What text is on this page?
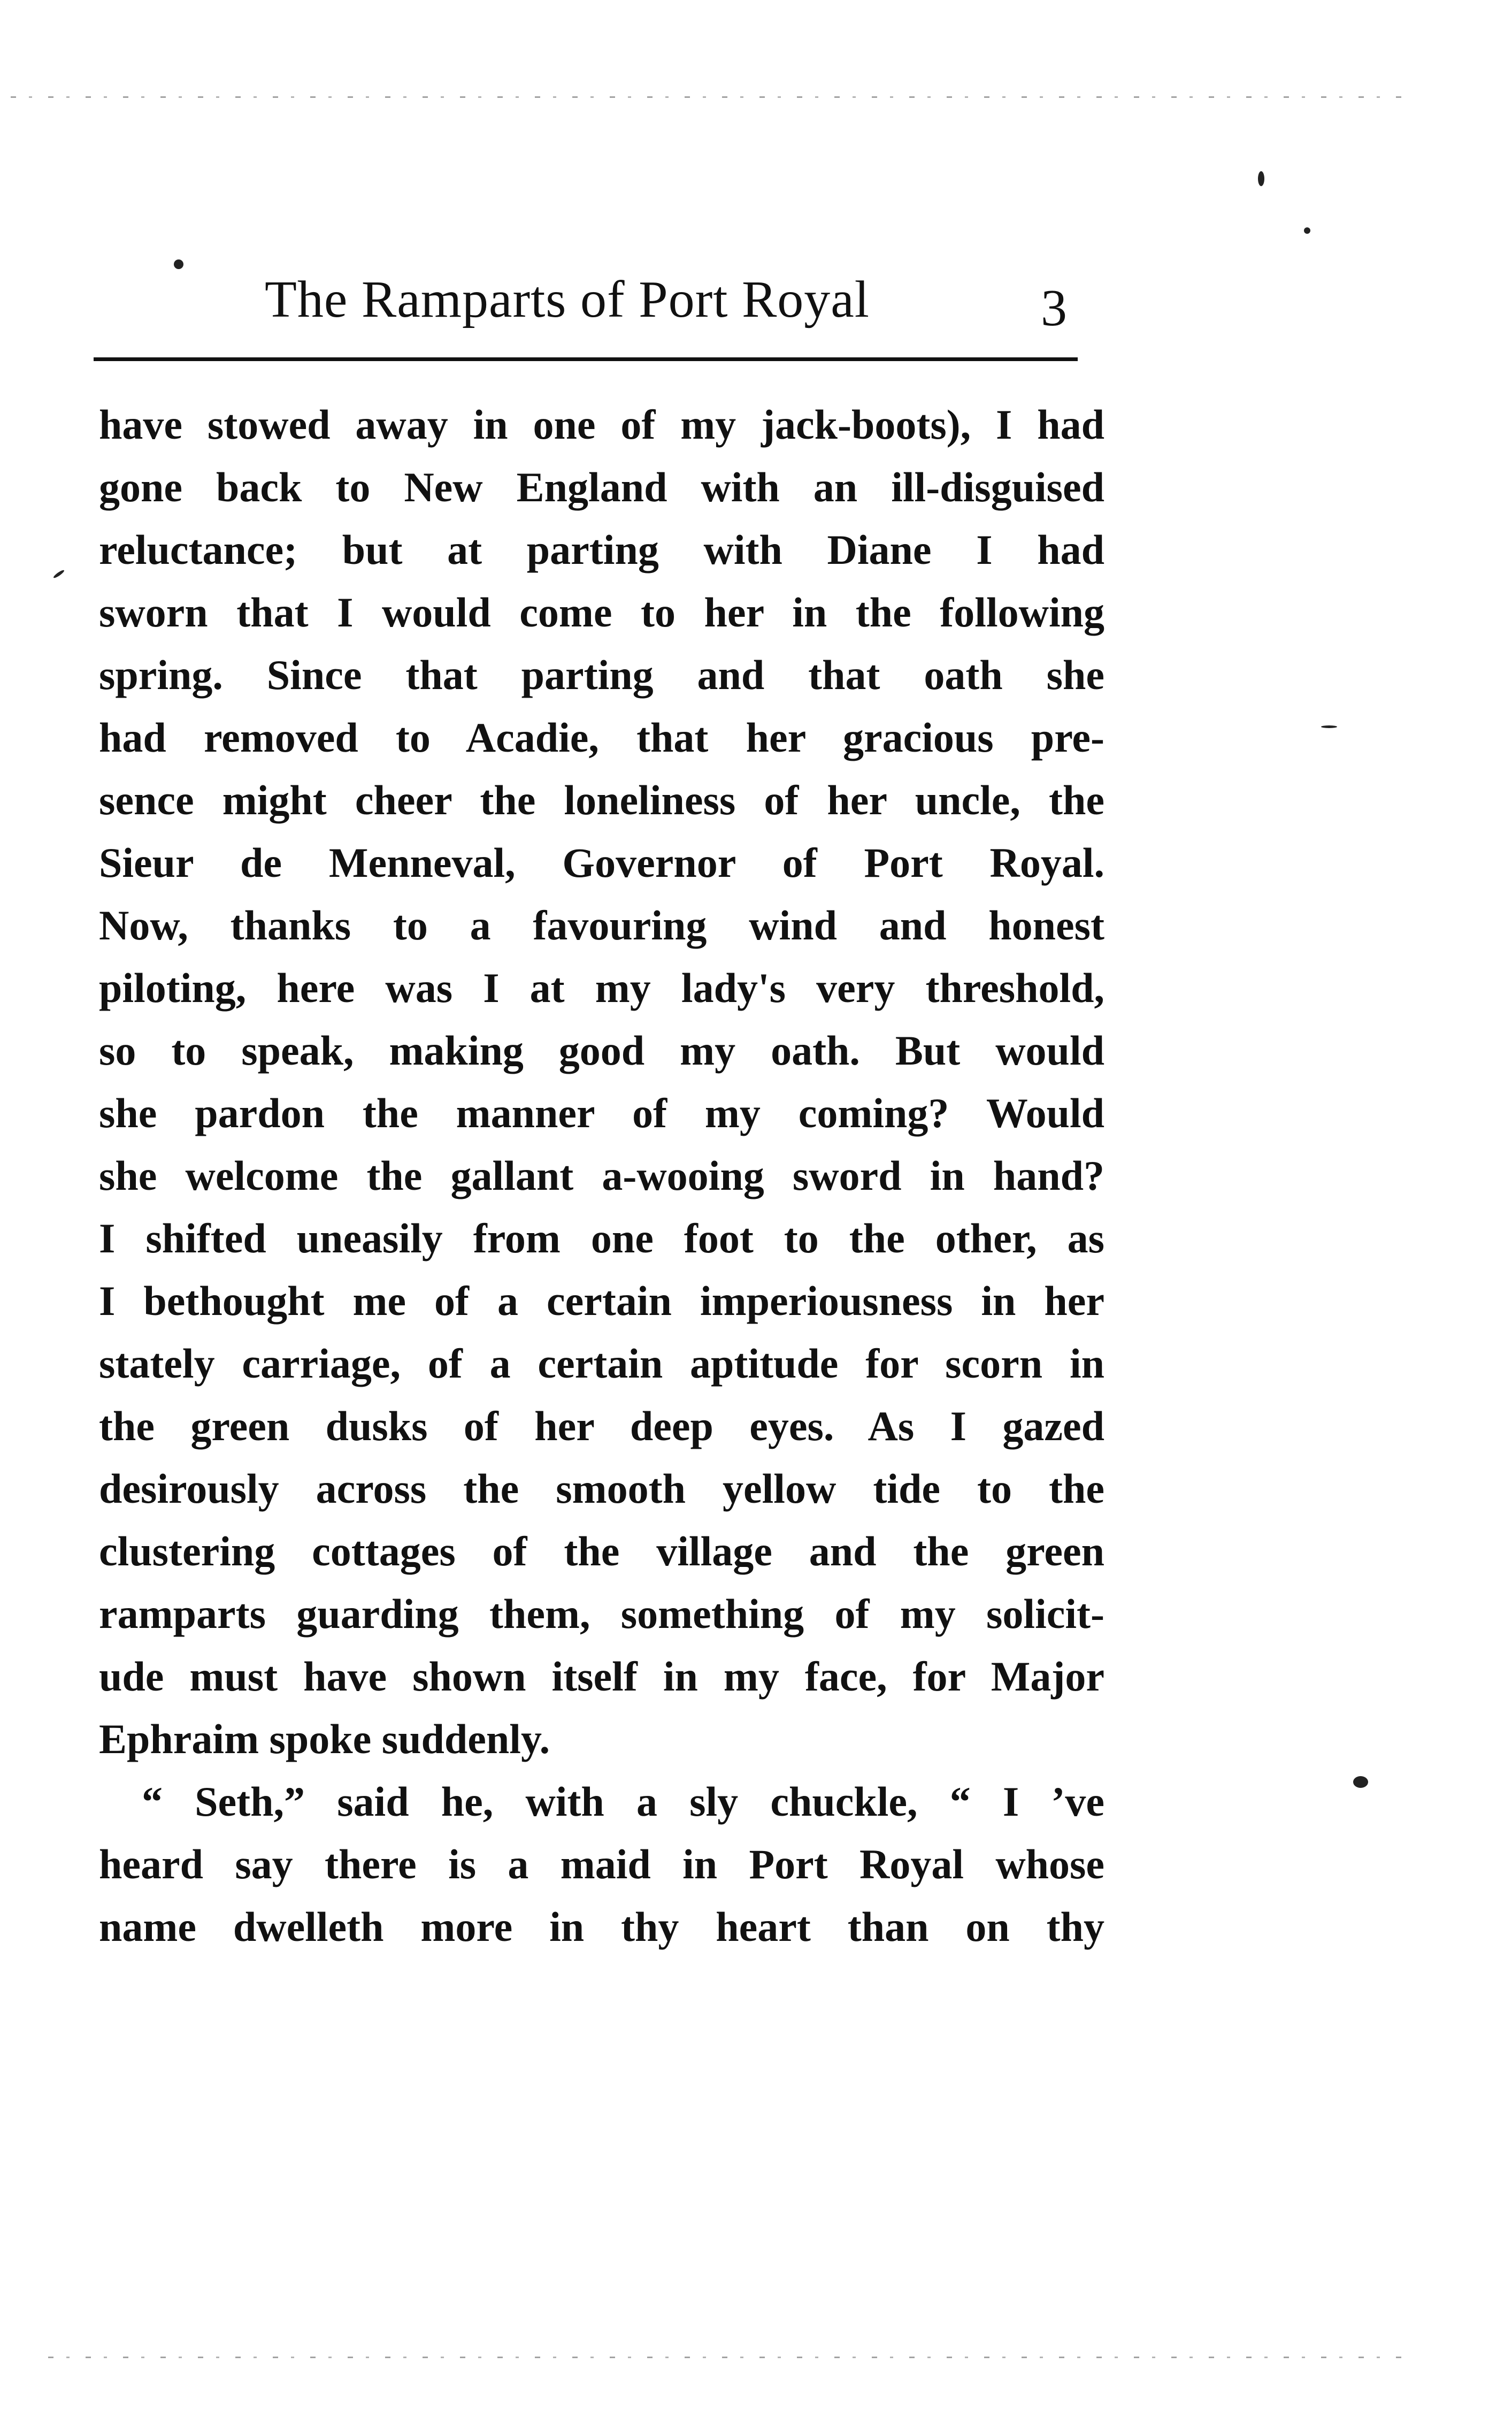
The Ramparts of Port Royal	3
have stowed away in one of my jack-boots), I had
gone back to New England with an ill-disguised
reluctance; but at parting with Diane I had
sworn that I would come to her in the following
spring. Since that parting and that oath she
had removed to Acadie, that her gracious pre-
sence might cheer the loneliness of her uncle, the
Sieur de Menneval, Governor of Port Royal.
Now, thanks to a favouring wind and honest
piloting, here was I at my lady's very threshold,
so to speak, making good my oath. But would
she pardon the manner of my coming? Would
she welcome the gallant a-wooing sword in hand?
I shifted uneasily from one foot to the other, as
I bethought me of a certain imperiousness in her
stately carriage, of a certain aptitude for scorn in
the green dusks of her deep eyes. As I gazed
desirously across the smooth yellow tide to the
clustering cottages of the village and the green
ramparts guarding them, something of my solicit-
ude must have shown itself in my face, for Major
Ephraim spoke suddenly.
“ Seth,” said he, with a sly chuckle, “ I ’ve
heard say there is a maid in Port Royal whose
name dwelleth more in thy heart than on thy
